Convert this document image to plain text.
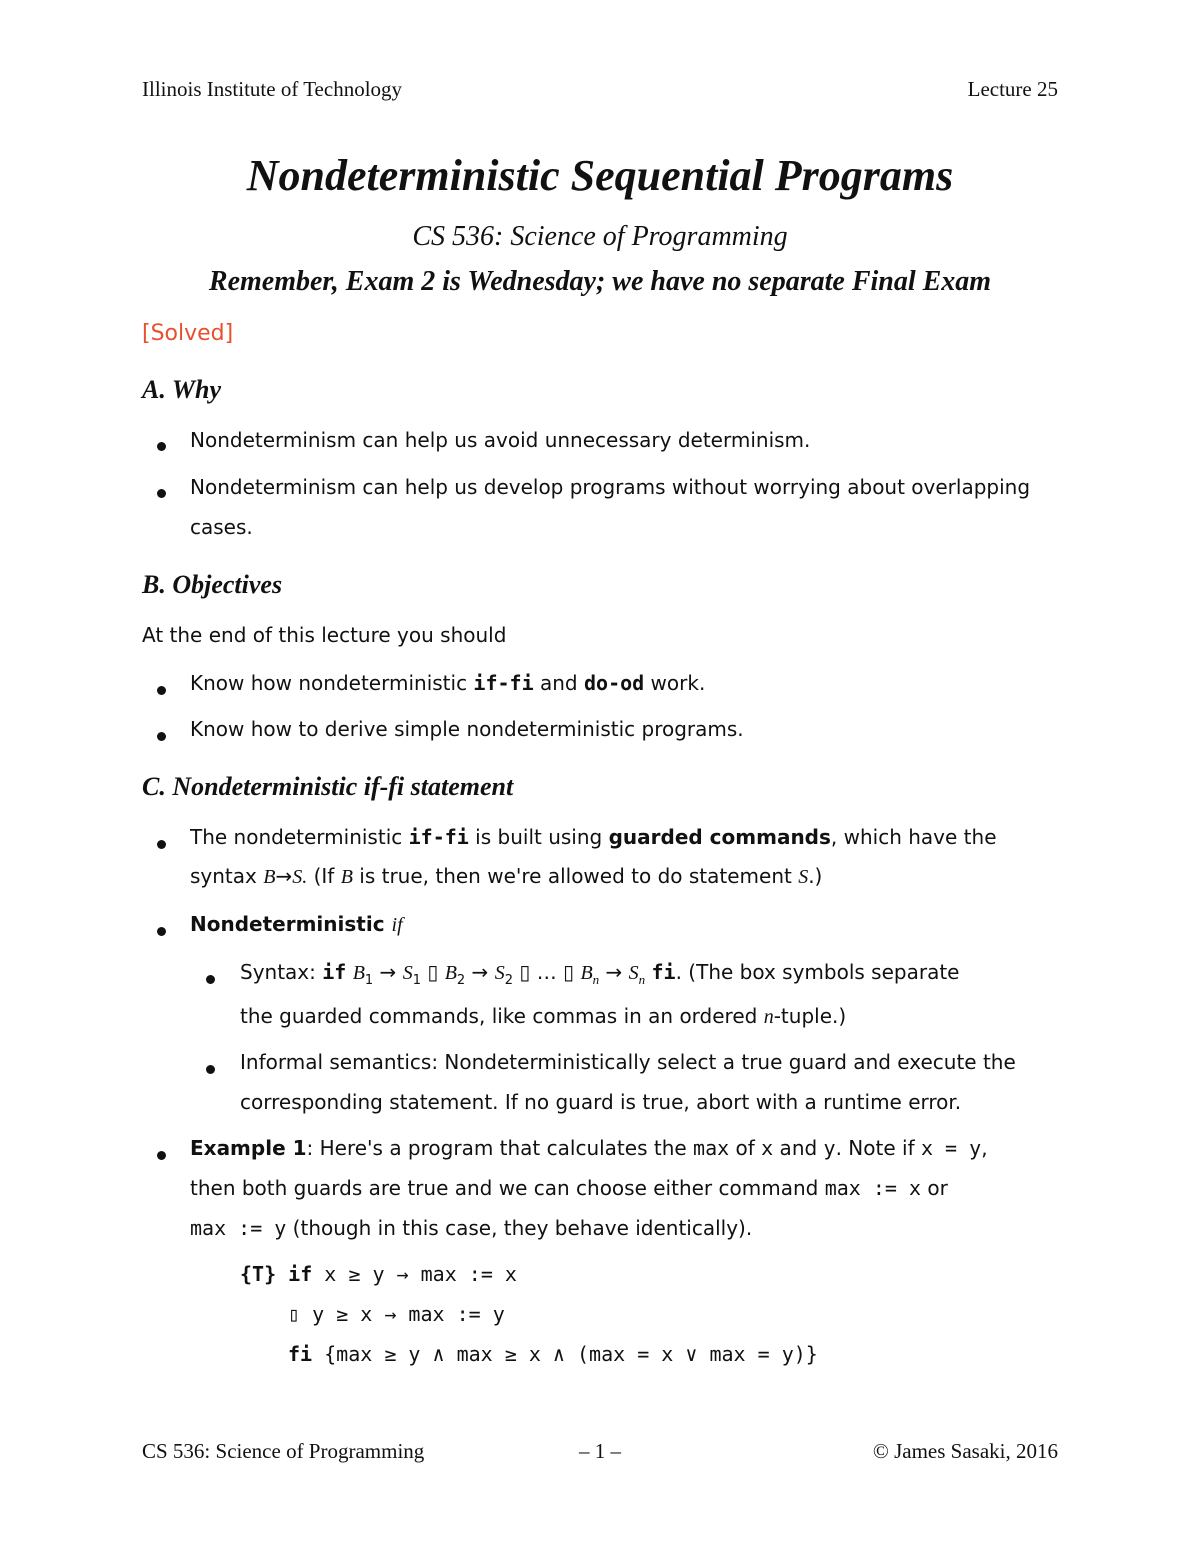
Illinois Institute of Technology	Lecture 25
Nondeterministic Sequential Programs
CS 536: Science of Programming
Remember, Exam 2 is Wednesday; we have no separate Final Exam
[Solved]
A. Why
Nondeterminism can help us avoid unnecessary determinism.
Nondeterminism can help us develop programs without worrying about overlapping
cases.
B. Objectives
At the end of this lecture you should
Know how nondeterministic if-fi and do-od work.
Know how to derive simple nondeterministic programs.
C. Nondeterministic if-fi statement
The nondeterministic if-fi is built using guarded commands, which have the
syntax B→S. (If B is true, then we're allowed to do statement S.)
Nondeterministic if
Syntax: if $B_1 \to S_1$ ▯ $B_2 \to S_2$ ▯ … ▯ $B_n \to S_n$ fi. (The box symbols separate
the guarded commands, like commas in an ordered n-tuple.)
Informal semantics: Nondeterministically select a true guard and execute the
corresponding statement. If no guard is true, abort with a runtime error.
Example 1: Here's a program that calculates the max of x and y. Note if x = y,
then both guards are true and we can choose either command max := x or
max := y (though in this case, they behave identically).
{T} if x ≥ y → max := x
▯ y ≥ x → max := y
fi {max ≥ y ∧ max ≥ x ∧ (max = x ∨ max = y)}
CS 536: Science of Programming	– 1 –	© James Sasaki, 2016
